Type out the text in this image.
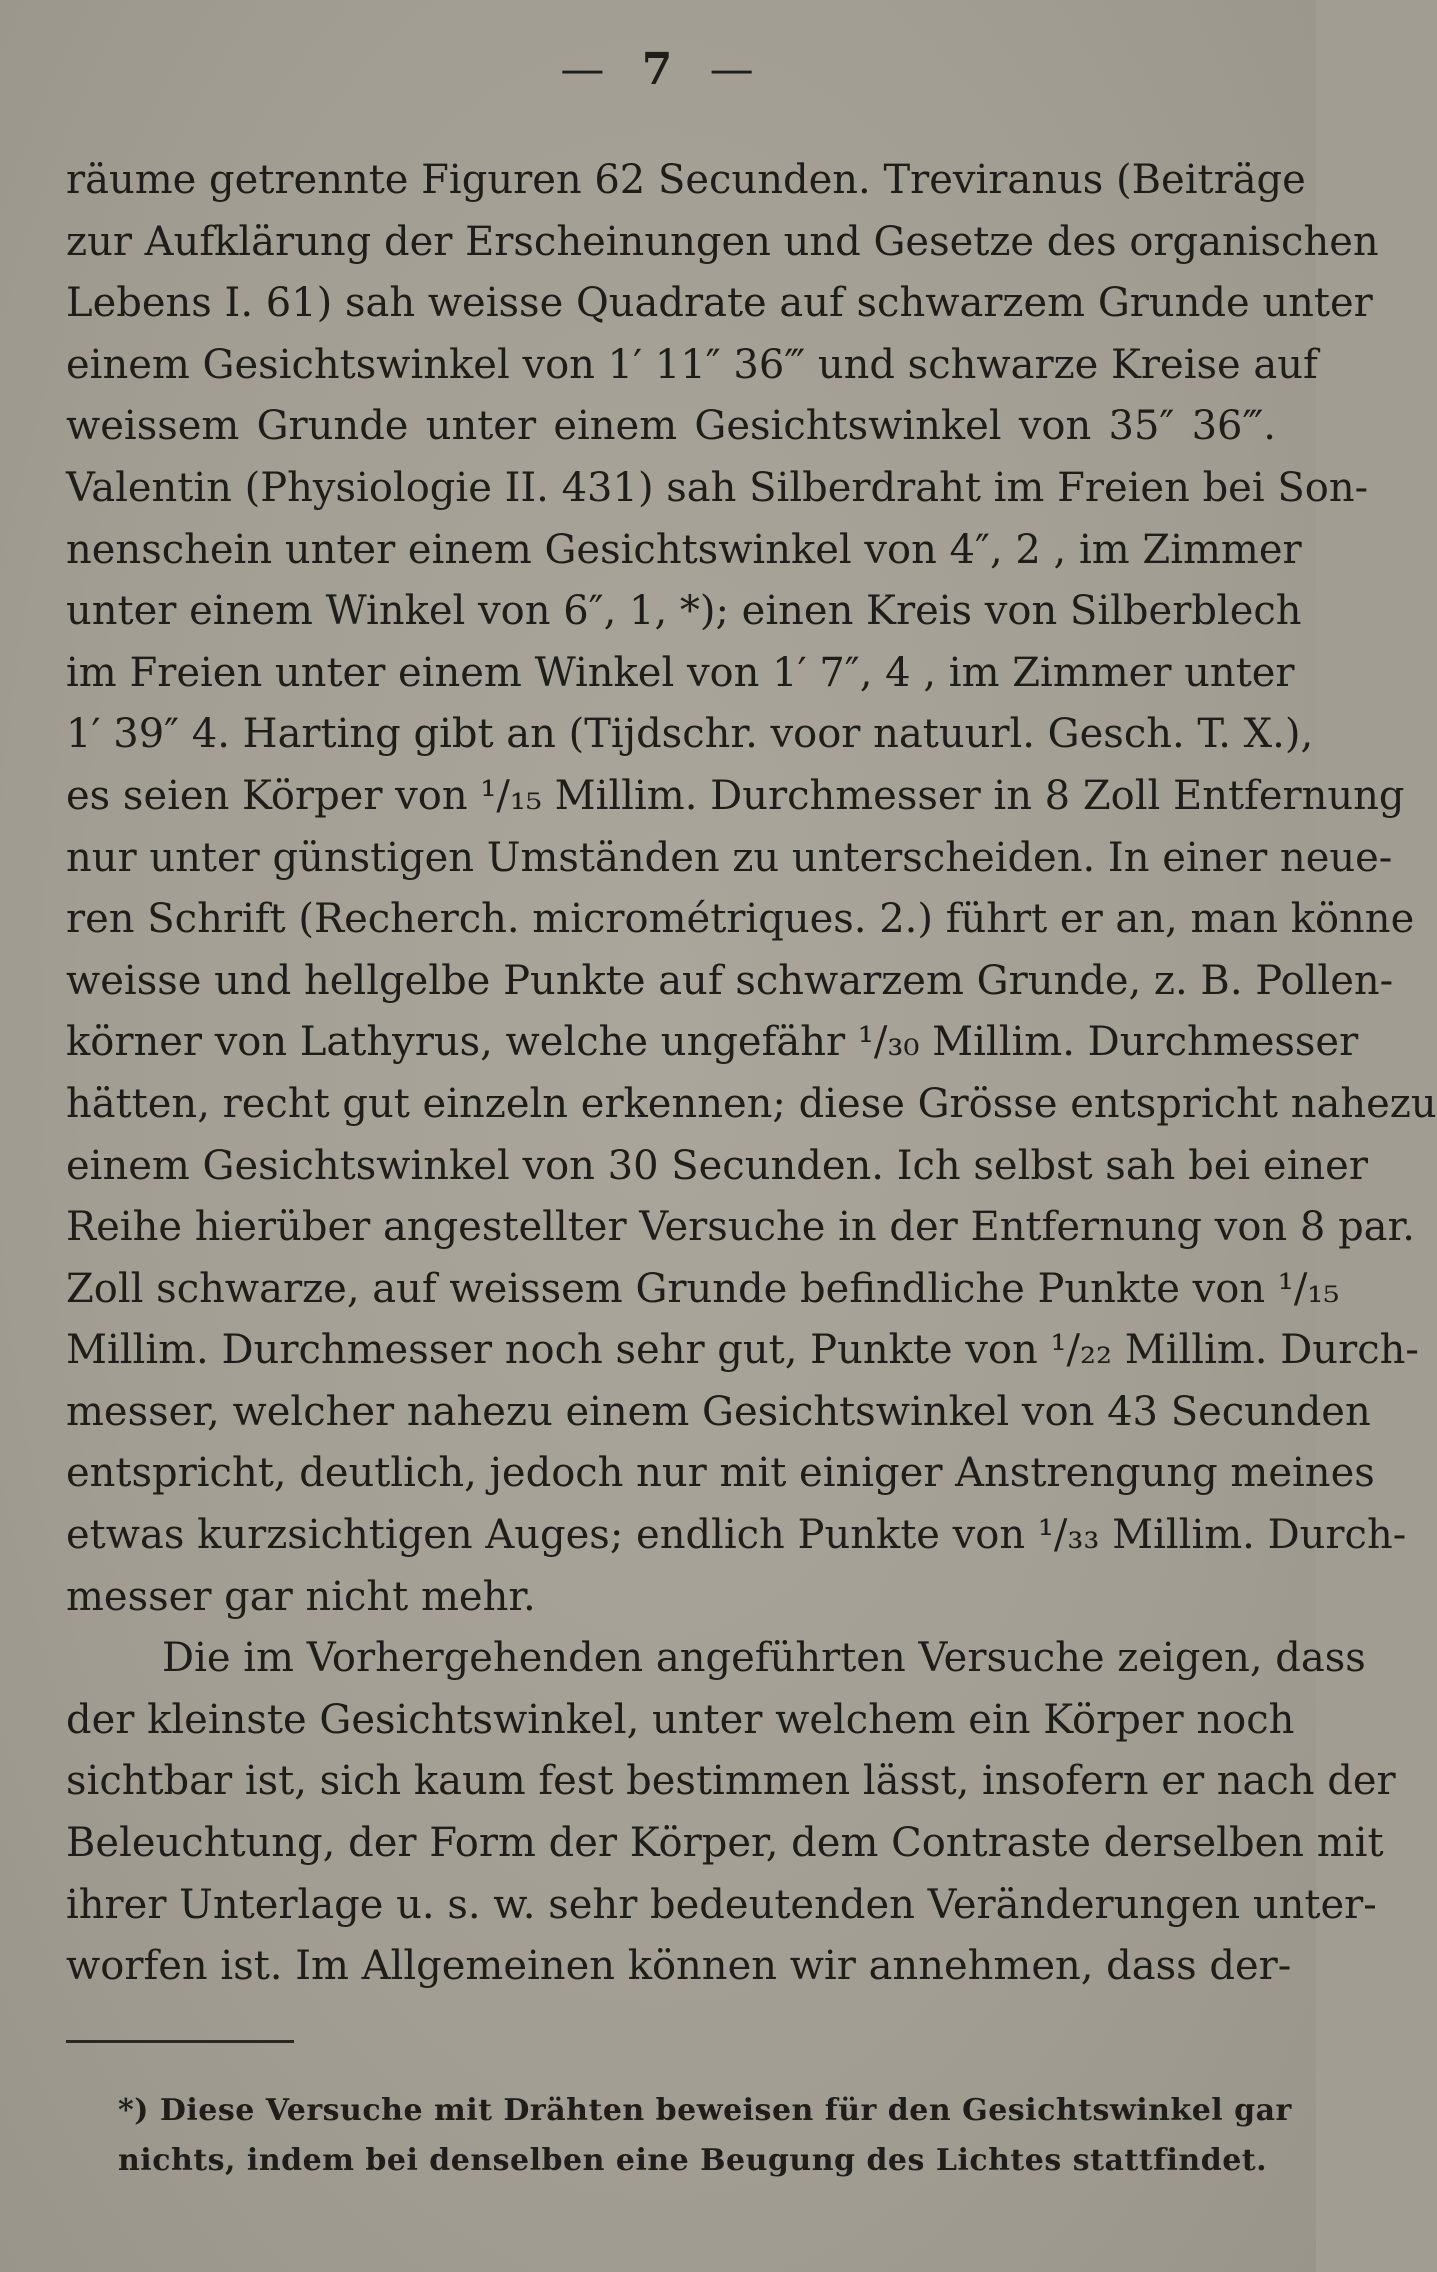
— 7 —
räume getrennte Figuren 62 Secunden. Treviranus (Beiträge
zur Aufklärung der Erscheinungen und Gesetze des organischen
Lebens I. 61) sah weisse Quadrate auf schwarzem Grunde unter
einem Gesichtswinkel von 1′ 11″ 36‴ und schwarze Kreise auf
weissem Grunde unter einem Gesichtswinkel von 35″ 36‴.
Valentin (Physiologie II. 431) sah Silberdraht im Freien bei Son-
nenschein unter einem Gesichtswinkel von 4″, 2 , im Zimmer
unter einem Winkel von 6″, 1, *); einen Kreis von Silberblech
im Freien unter einem Winkel von 1′ 7″, 4 , im Zimmer unter
1′ 39″ 4. Harting gibt an (Tijdschr. voor natuurl. Gesch. T. X.),
es seien Körper von ¹/₁₅ Millim. Durchmesser in 8 Zoll Entfernung
nur unter günstigen Umständen zu unterscheiden. In einer neue-
ren Schrift (Recherch. micrométriques. 2.) führt er an, man könne
weisse und hellgelbe Punkte auf schwarzem Grunde, z. B. Pollen-
körner von Lathyrus, welche ungefähr ¹/₃₀ Millim. Durchmesser
hätten, recht gut einzeln erkennen; diese Grösse entspricht nahezu
einem Gesichtswinkel von 30 Secunden. Ich selbst sah bei einer
Reihe hierüber angestellter Versuche in der Entfernung von 8 par.
Zoll schwarze, auf weissem Grunde befindliche Punkte von ¹/₁₅
Millim. Durchmesser noch sehr gut, Punkte von ¹/₂₂ Millim. Durch-
messer, welcher nahezu einem Gesichtswinkel von 43 Secunden
entspricht, deutlich, jedoch nur mit einiger Anstrengung meines
etwas kurzsichtigen Auges; endlich Punkte von ¹/₃₃ Millim. Durch-
messer gar nicht mehr.
Die im Vorhergehenden angeführten Versuche zeigen, dass
der kleinste Gesichtswinkel, unter welchem ein Körper noch
sichtbar ist, sich kaum fest bestimmen lässt, insofern er nach der
Beleuchtung, der Form der Körper, dem Contraste derselben mit
ihrer Unterlage u. s. w. sehr bedeutenden Veränderungen unter-
worfen ist. Im Allgemeinen können wir annehmen, dass der-
*) Diese Versuche mit Drähten beweisen für den Gesichtswinkel gar
nichts, indem bei denselben eine Beugung des Lichtes stattfindet.
